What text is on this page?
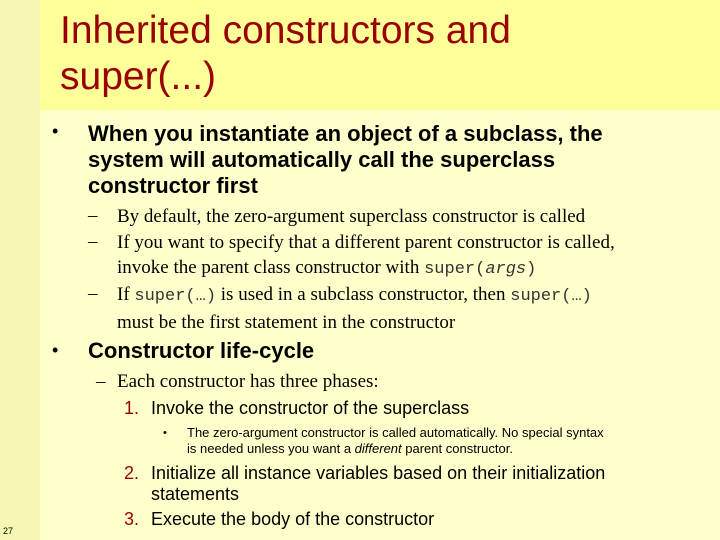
Inherited constructors and
super(...)
• When you instantiate an object of a subclass, the
system will automatically call the superclass
constructor first
– By default, the zero-argument superclass constructor is called
– If you want to specify that a different parent constructor is called,
invoke the parent class constructor with super(args)
– If super(…) is used in a subclass constructor, then super(…)
must be the first statement in the constructor
• Constructor life-cycle
– Each constructor has three phases:
1. Invoke the constructor of the superclass
• The zero-argument constructor is called automatically. No special syntax
is needed unless you want a different parent constructor.
2. Initialize all instance variables based on their initialization
statements
3. Execute the body of the constructor
27
